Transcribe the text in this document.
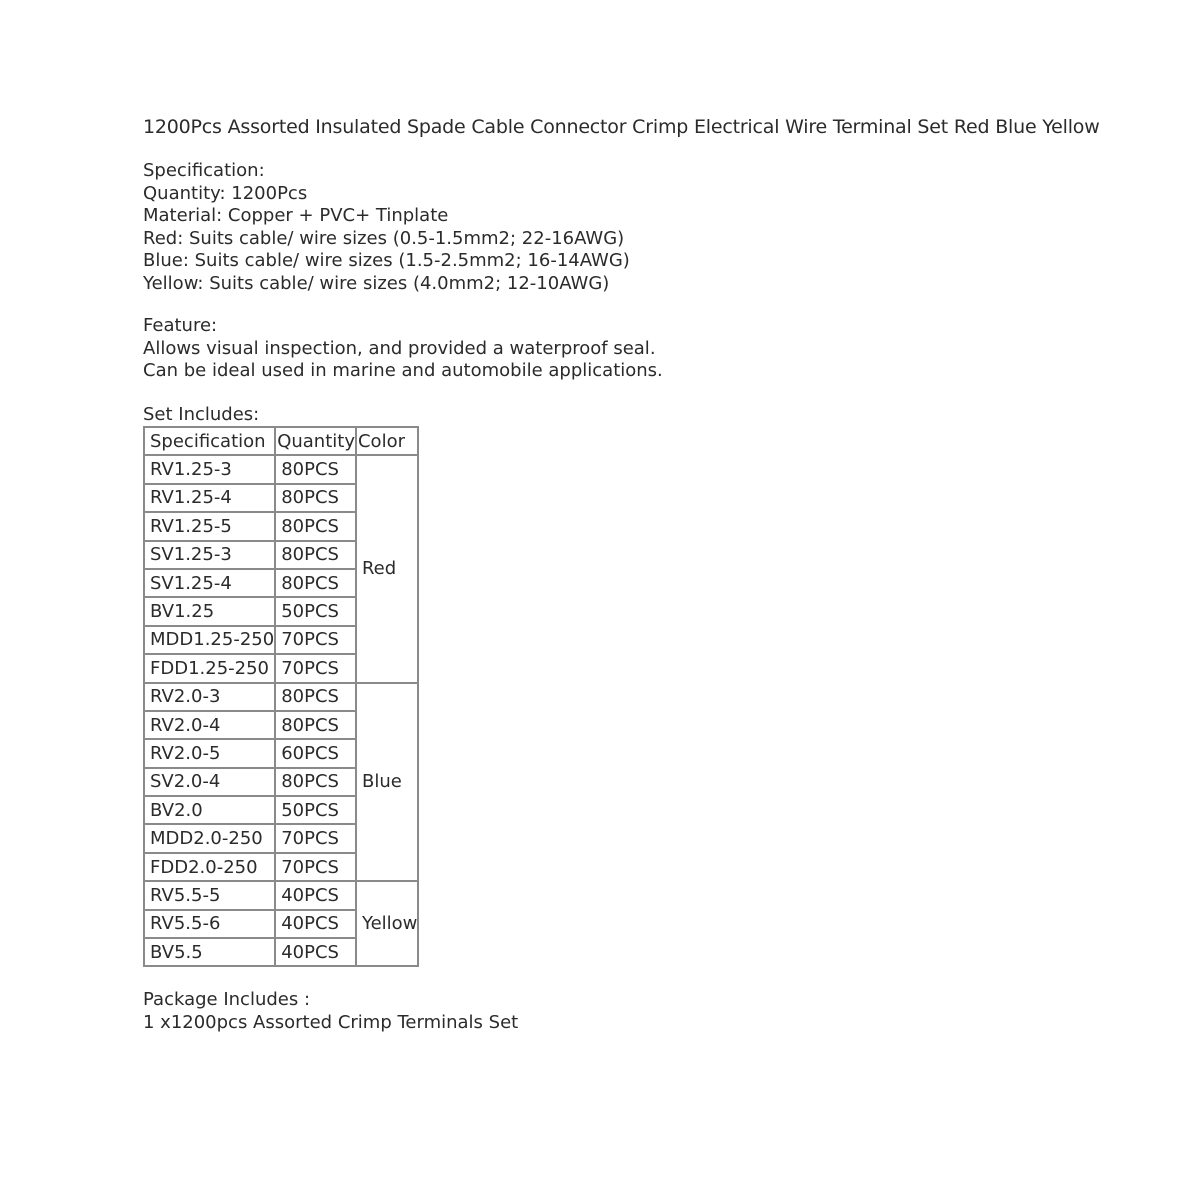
1200Pcs Assorted Insulated Spade Cable Connector Crimp Electrical Wire Terminal Set Red Blue Yellow
Specification:
Quantity: 1200Pcs
Material: Copper + PVC+ Tinplate
Red: Suits cable/ wire sizes (0.5-1.5mm2; 22-16AWG)
Blue: Suits cable/ wire sizes (1.5-2.5mm2; 16-14AWG)
Yellow: Suits cable/ wire sizes (4.0mm2; 12-10AWG)
Feature:
Allows visual inspection, and provided a waterproof seal.
Can be ideal used in marine and automobile applications.
Set Includes:
Specification	Quantity	Color
RV1.25-3	80PCS	Red
RV1.25-4	80PCS	
RV1.25-5	80PCS	
SV1.25-3	80PCS	
SV1.25-4	80PCS	
BV1.25	50PCS	
MDD1.25-250	70PCS	
FDD1.25-250	70PCS	
RV2.0-3	80PCS	Blue
RV2.0-4	80PCS	
RV2.0-5	60PCS	
SV2.0-4	80PCS	
BV2.0	50PCS	
MDD2.0-250	70PCS	
FDD2.0-250	70PCS	
RV5.5-5	40PCS	Yellow
RV5.5-6	40PCS	
BV5.5	40PCS	
Package Includes :
1 x1200pcs Assorted Crimp Terminals Set
